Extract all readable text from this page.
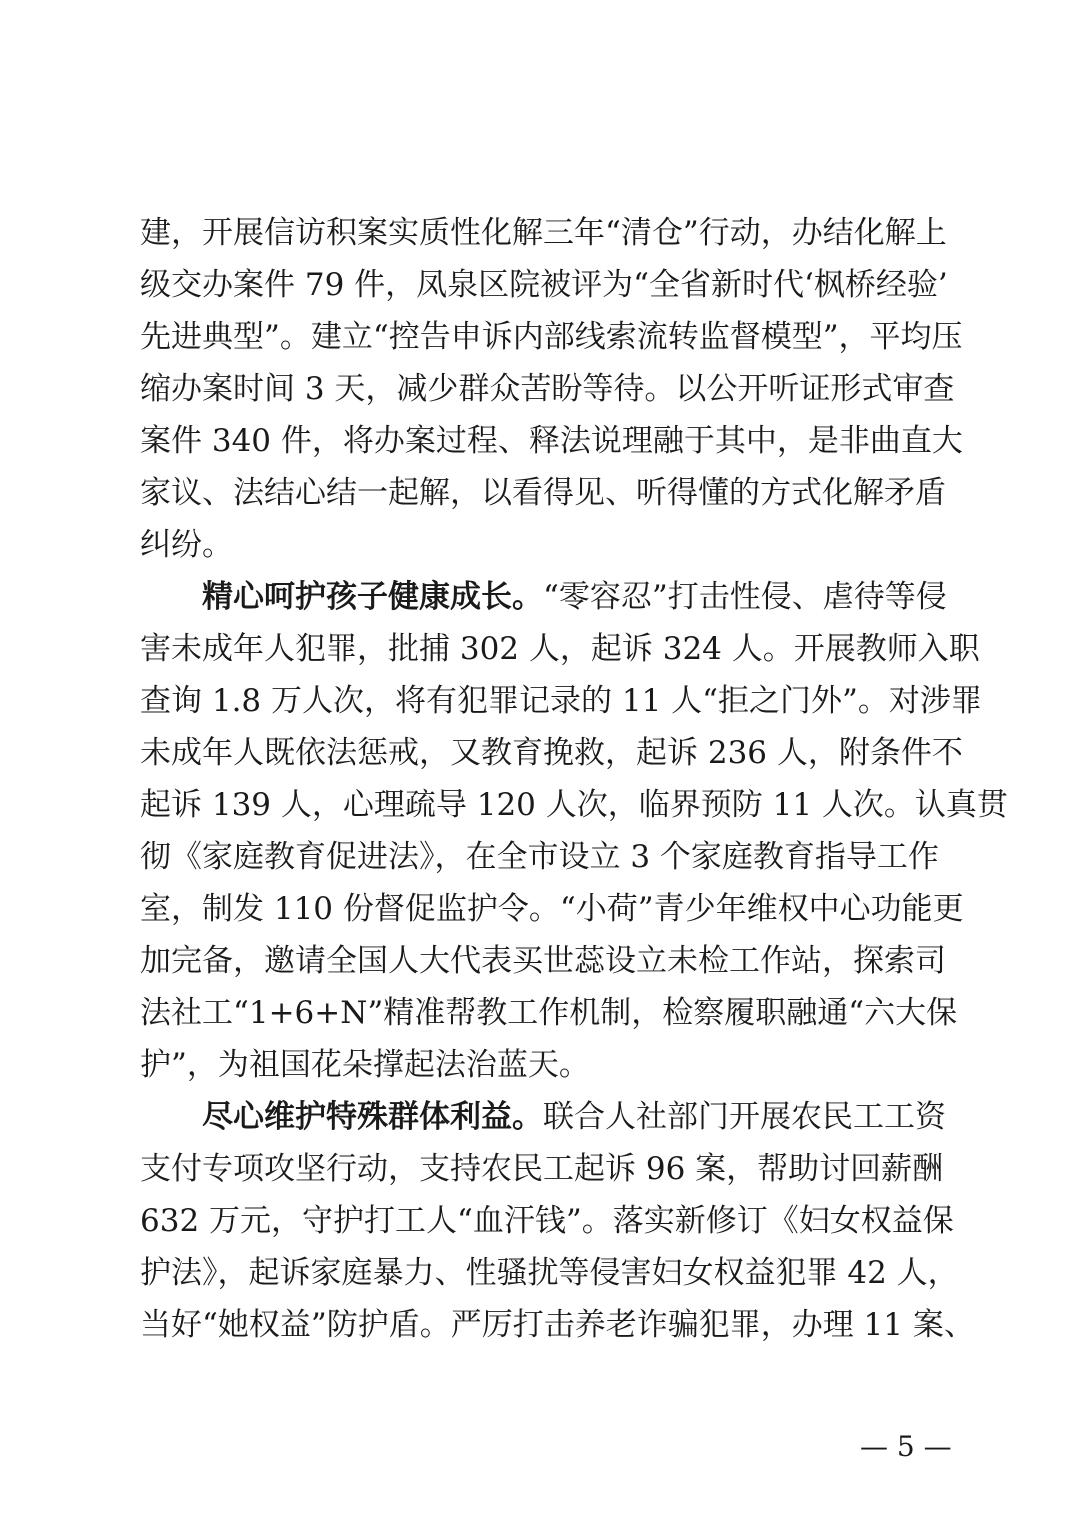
建，开展信访积案实质性化解三年“清仓”行动，办结化解上
级交办案件 79 件，凤泉区院被评为“全省新时代‘枫桥经验’
先进典型”。建立“控告申诉内部线索流转监督模型”，平均压
缩办案时间 3 天，减少群众苦盼等待。以公开听证形式审查
案件 340 件，将办案过程、释法说理融于其中，是非曲直大
家议、法结心结一起解，以看得见、听得懂的方式化解矛盾
纠纷。
精心呵护孩子健康成长。“零容忍”打击性侵、虐待等侵
害未成年人犯罪，批捕 302 人，起诉 324 人。开展教师入职
查询 1.8 万人次，将有犯罪记录的 11 人“拒之门外”。对涉罪
未成年人既依法惩戒，又教育挽救，起诉 236 人，附条件不
起诉 139 人，心理疏导 120 人次，临界预防 11 人次。认真贯
彻《家庭教育促进法》，在全市设立 3 个家庭教育指导工作
室，制发 110 份督促监护令。“小荷”青少年维权中心功能更
加完备，邀请全国人大代表买世蕊设立未检工作站，探索司
法社工“1+6+N”精准帮教工作机制，检察履职融通“六大保
护”，为祖国花朵撑起法治蓝天。
尽心维护特殊群体利益。联合人社部门开展农民工工资
支付专项攻坚行动，支持农民工起诉 96 案，帮助讨回薪酬
632 万元，守护打工人“血汗钱”。落实新修订《妇女权益保
护法》，起诉家庭暴力、性骚扰等侵害妇女权益犯罪 42 人，
当好“她权益”防护盾。严厉打击养老诈骗犯罪，办理 11 案、
— 5 —
